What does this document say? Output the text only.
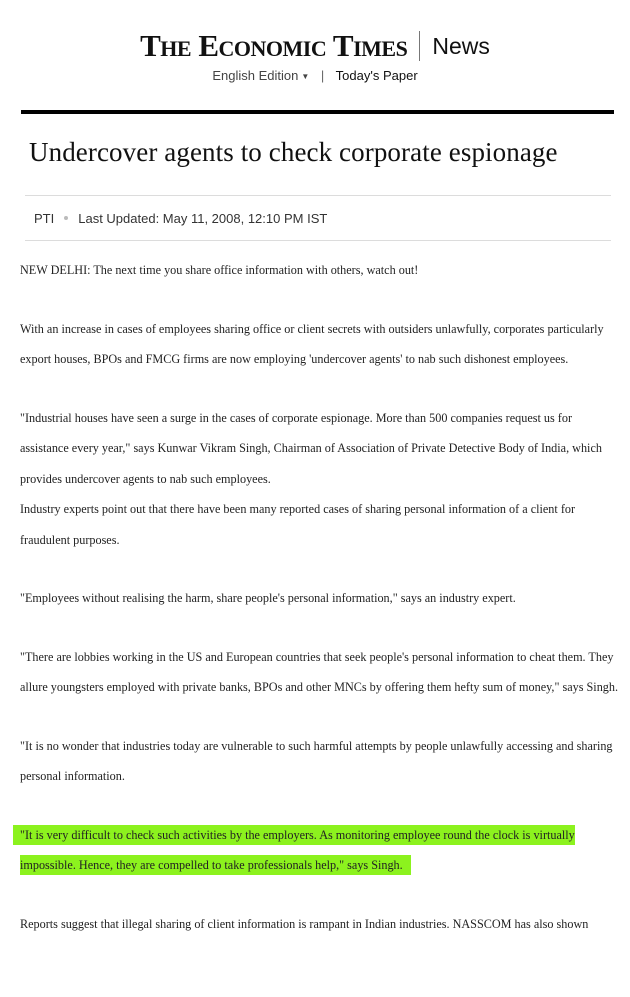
The Economic Times News
English Edition ▼ | Today's Paper
Undercover agents to check corporate espionage
PTI Last Updated: May 11, 2008, 12:10 PM IST

NEW DELHI: The next time you share office information with others, watch out!

With an increase in cases of employees sharing office or client secrets with outsiders unlawfully, corporates particularly export houses, BPOs and FMCG firms are now employing 'undercover agents' to nab such dishonest employees.

"Industrial houses have seen a surge in the cases of corporate espionage. More than 500 companies request us for assistance every year," says Kunwar Vikram Singh, Chairman of Association of Private Detective Body of India, which provides undercover agents to nab such employees.

Industry experts point out that there have been many reported cases of sharing personal information of a client for fraudulent purposes.

"Employees without realising the harm, share people's personal information," says an industry expert.

"There are lobbies working in the US and European countries that seek people's personal information to cheat them. They allure youngsters employed with private banks, BPOs and other MNCs by offering them hefty sum of money," says Singh.

"It is no wonder that industries today are vulnerable to such harmful attempts by people unlawfully accessing and sharing personal information.

"It is very difficult to check such activities by the employers. As monitoring employee round the clock is virtually impossible. Hence, they are compelled to take professionals help," says Singh.

Reports suggest that illegal sharing of client information is rampant in Indian industries. NASSCOM has also shown
